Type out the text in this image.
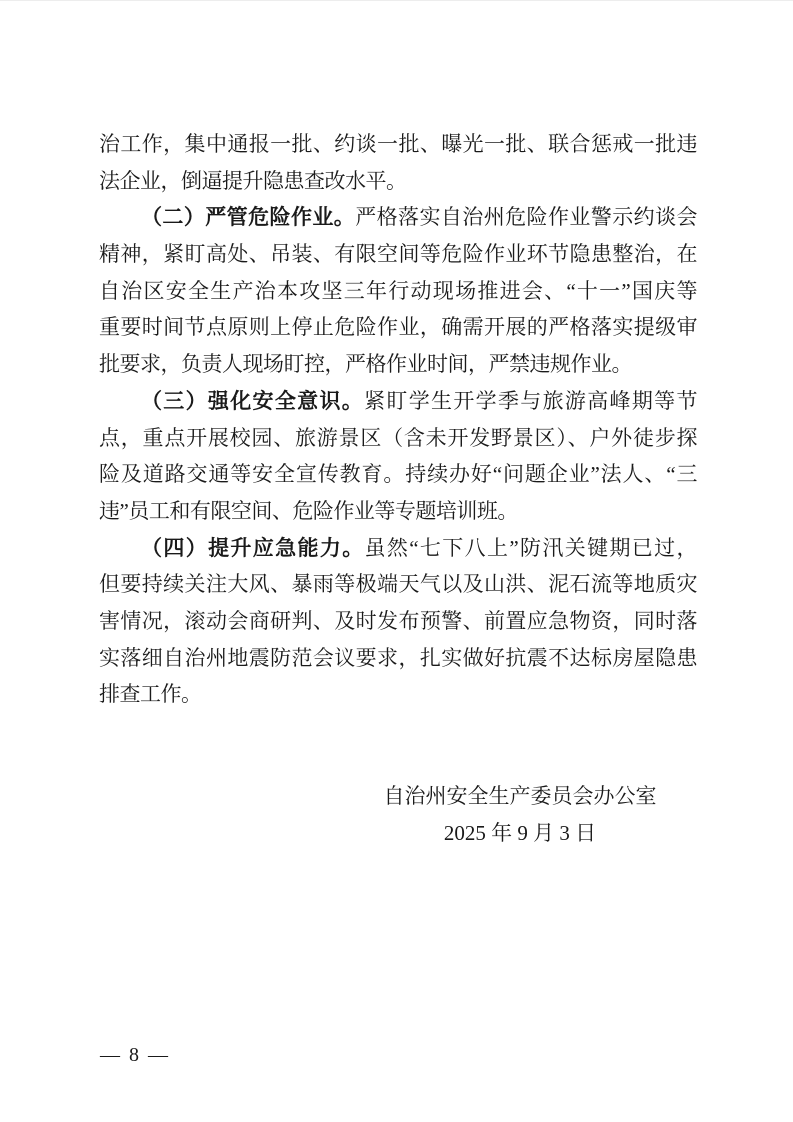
治工作，集中通报一批、约谈一批、曝光一批、联合惩戒一批违
法企业，倒逼提升隐患查改水平。
（二）严管危险作业。严格落实自治州危险作业警示约谈会
精神，紧盯高处、吊装、有限空间等危险作业环节隐患整治，在
自治区安全生产治本攻坚三年行动现场推进会、“十一”国庆等
重要时间节点原则上停止危险作业，确需开展的严格落实提级审
批要求，负责人现场盯控，严格作业时间，严禁违规作业。
（三）强化安全意识。紧盯学生开学季与旅游高峰期等节
点，重点开展校园、旅游景区（含未开发野景区）、户外徒步探
险及道路交通等安全宣传教育。持续办好“问题企业”法人、“三
违”员工和有限空间、危险作业等专题培训班。
（四）提升应急能力。虽然“七下八上”防汛关键期已过，
但要持续关注大风、暴雨等极端天气以及山洪、泥石流等地质灾
害情况，滚动会商研判、及时发布预警、前置应急物资，同时落
实落细自治州地震防范会议要求，扎实做好抗震不达标房屋隐患
排查工作。
自治州安全生产委员会办公室
2025 年 9 月 3 日
— 8 —
